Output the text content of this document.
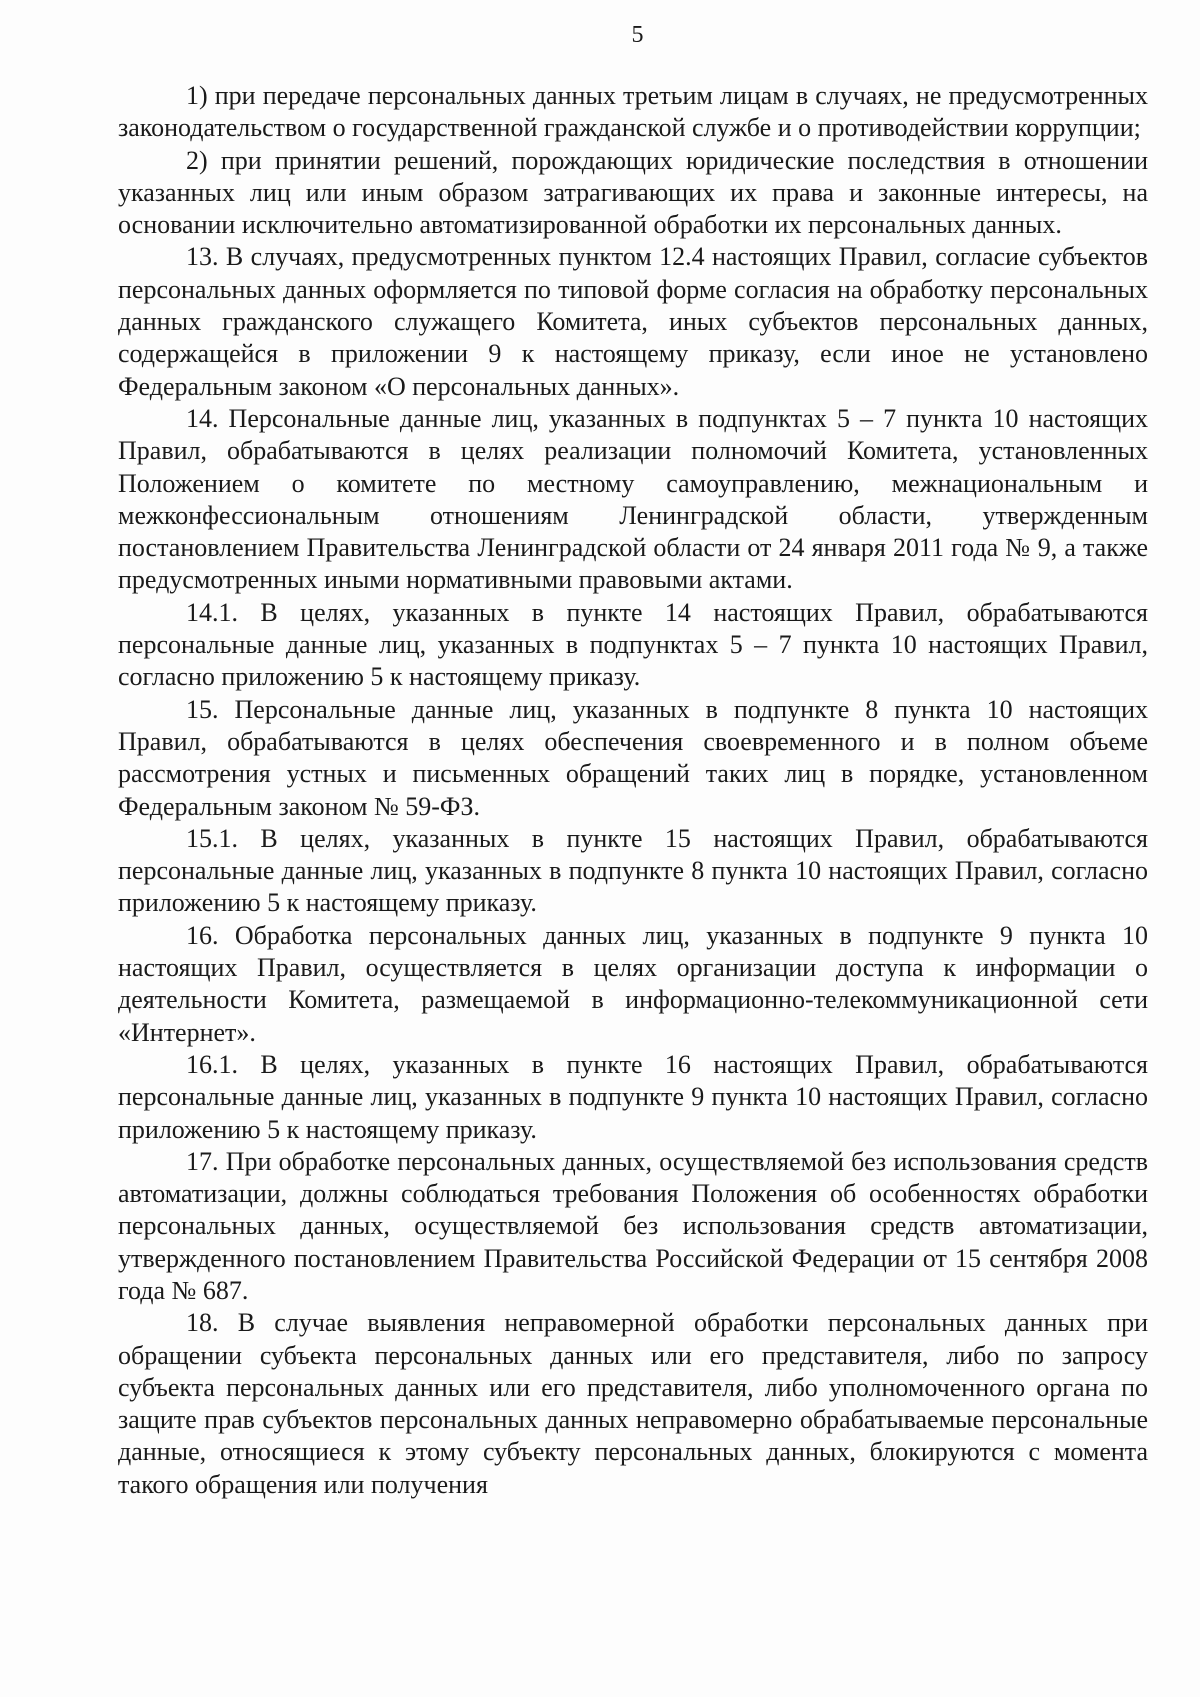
5

1) при передаче персональных данных третьим лицам в случаях, не предусмотренных законодательством о государственной гражданской службе и о противодействии коррупции;

2) при принятии решений, порождающих юридические последствия в отношении указанных лиц или иным образом затрагивающих их права и законные интересы, на основании исключительно автоматизированной обработки их персональных данных.

13. В случаях, предусмотренных пунктом 12.4 настоящих Правил, согласие субъектов персональных данных оформляется по типовой форме согласия на обработку персональных данных гражданского служащего Комитета, иных субъектов персональных данных, содержащейся в приложении 9 к настоящему приказу, если иное не установлено Федеральным законом «О персональных данных».

14. Персональные данные лиц, указанных в подпунктах 5 – 7 пункта 10 настоящих Правил, обрабатываются в целях реализации полномочий Комитета, установленных Положением о комитете по местному самоуправлению, межнациональным и межконфессиональным отношениям Ленинградской области, утвержденным постановлением Правительства Ленинградской области от 24 января 2011 года № 9, а также предусмотренных иными нормативными правовыми актами.

14.1. В целях, указанных в пункте 14 настоящих Правил, обрабатываются персональные данные лиц, указанных в подпунктах 5 – 7 пункта 10 настоящих Правил, согласно приложению 5 к настоящему приказу.

15. Персональные данные лиц, указанных в подпункте 8 пункта 10 настоящих Правил, обрабатываются в целях обеспечения своевременного и в полном объеме рассмотрения устных и письменных обращений таких лиц в порядке, установленном Федеральным законом № 59-ФЗ.

15.1. В целях, указанных в пункте 15 настоящих Правил, обрабатываются персональные данные лиц, указанных в подпункте 8 пункта 10 настоящих Правил, согласно приложению 5 к настоящему приказу.

16. Обработка персональных данных лиц, указанных в подпункте 9 пункта 10 настоящих Правил, осуществляется в целях организации доступа к информации о деятельности Комитета, размещаемой в информационно-телекоммуникационной сети «Интернет».

16.1. В целях, указанных в пункте 16 настоящих Правил, обрабатываются персональные данные лиц, указанных в подпункте 9 пункта 10 настоящих Правил, согласно приложению 5 к настоящему приказу.

17. При обработке персональных данных, осуществляемой без использования средств автоматизации, должны соблюдаться требования Положения об особенностях обработки персональных данных, осуществляемой без использования средств автоматизации, утвержденного постановлением Правительства Российской Федерации от 15 сентября 2008 года № 687.

18. В случае выявления неправомерной обработки персональных данных при обращении субъекта персональных данных или его представителя, либо по запросу субъекта персональных данных или его представителя, либо уполномоченного органа по защите прав субъектов персональных данных неправомерно обрабатываемые персональные данные, относящиеся к этому субъекту персональных данных, блокируются с момента такого обращения или получения
